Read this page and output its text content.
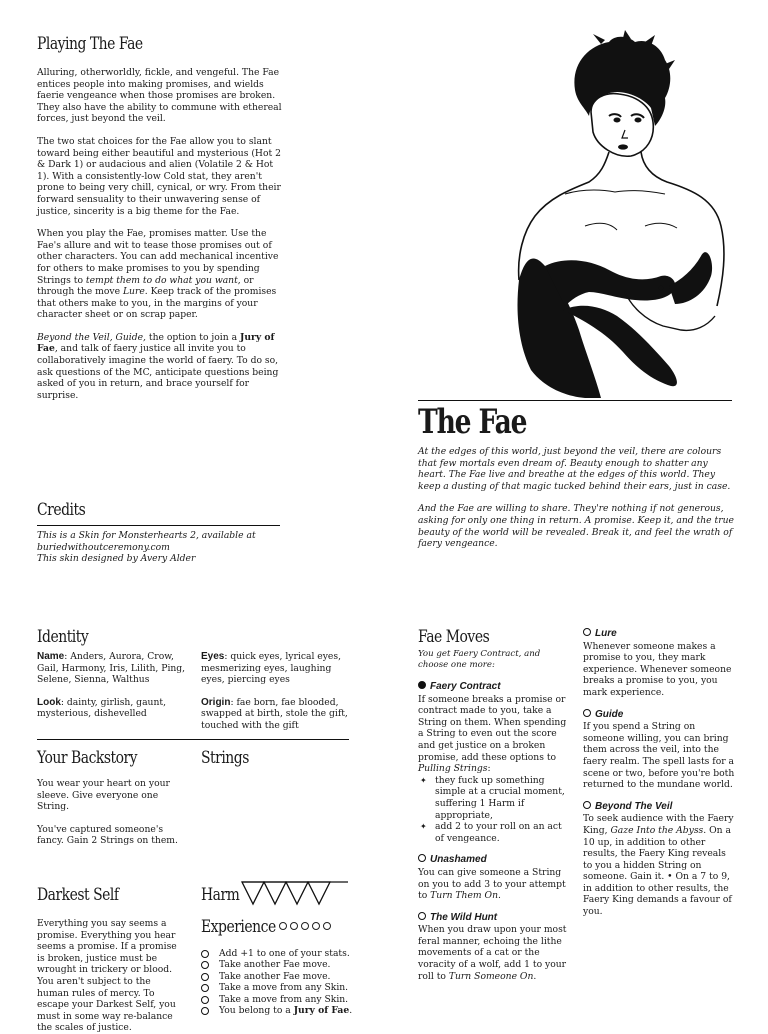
Playing The Fae

Alluring, otherworldly, fickle, and vengeful. The Fae entices people into making promises, and wields faerie vengeance when those promises are broken. They also have the ability to commune with ethereal forces, just beyond the veil.

The two stat choices for the Fae allow you to slant toward being either beautiful and mysterious (Hot 2 & Dark 1) or audacious and alien (Volatile 2 & Hot 1). With a consistently-low Cold stat, they aren't prone to being very chill, cynical, or wry. From their forward sensuality to their unwavering sense of justice, sincerity is a big theme for the Fae.

When you play the Fae, promises matter. Use the Fae's allure and wit to tease those promises out of other characters. You can add mechanical incentive for others to make promises to you by spending Strings to tempt them to do what you want, or through the move Lure. Keep track of the promises that others make to you, in the margins of your character sheet or on scrap paper.

Beyond the Veil, Guide, the option to join a Jury of Fae, and talk of faery justice all invite you to collaboratively imagine the world of faery. To do so, ask questions of the MC, anticipate questions being asked of you in return, and brace yourself for surprise.

The Fae

At the edges of this world, just beyond the veil, there are colours that few mortals even dream of. Beauty enough to shatter any heart. The Fae live and breathe at the edges of this world. They keep a dusting of that magic tucked behind their ears, just in case.

And the Fae are willing to share. They're nothing if not generous, asking for only one thing in return. A promise. Keep it, and the true beauty of the world will be revealed. Break it, and feel the wrath of faery vengeance.

Credits
This is a Skin for Monsterhearts 2, available at buriedwithoutceremony.com
This skin designed by Avery Alder
Identity

Name: Anders, Aurora, Crow, Gail, Harmony, Iris, Lilith, Ping, Selene, Sienna, Walthus

Look: dainty, girlish, gaunt, mysterious, dishevelled

Eyes: quick eyes, lyrical eyes, mesmerizing eyes, laughing eyes, piercing eyes

Origin: fae born, fae blooded, swapped at birth, stole the gift, touched with the gift

Your Backstory

You wear your heart on your sleeve. Give everyone one String.

You've captured someone's fancy. Gain 2 Strings on them.

Strings
Darkest Self
Everything you say seems a promise. Everything you hear seems a promise. If a promise is broken, justice must be wrought in trickery or blood. You aren't subject to the human rules of mercy. To escape your Darkest Self, you must in some way re-balance the scales of justice.
Harm
Experience
Add +1 to one of your stats.
Take another Fae move.
Take another Fae move.
Take a move from any Skin.
Take a move from any Skin.
You belong to a Jury of Fae.
Fae Moves

You get Faery Contract, and choose one more:

Faery Contract
If someone breaks a promise or contract made to you, take a String on them. When spending a String to even out the score and get justice on a broken promise, add these options to Pulling Strings:
✦ they fuck up something simple at a crucial moment, suffering 1 Harm if appropriate,
✦ add 2 to your roll on an act of vengeance.
Unashamed
You can give someone a String on you to add 3 to your attempt to Turn Them On.
The Wild Hunt
When you draw upon your most feral manner, echoing the lithe movements of a cat or the voracity of a wolf, add 1 to your roll to Turn Someone On.
Lure
Whenever someone makes a promise to you, they mark experience. Whenever someone breaks a promise to you, you mark experience.
Guide
If you spend a String on someone willing, you can bring them across the veil, into the faery realm. The spell lasts for a scene or two, before you're both returned to the mundane world.
Beyond The Veil
To seek audience with the Faery King, Gaze Into the Abyss. On a 10 up, in addition to other results, the Faery King reveals to you a hidden String on someone. Gain it. • On a 7 to 9, in addition to other results, the Faery King demands a favour of you.
